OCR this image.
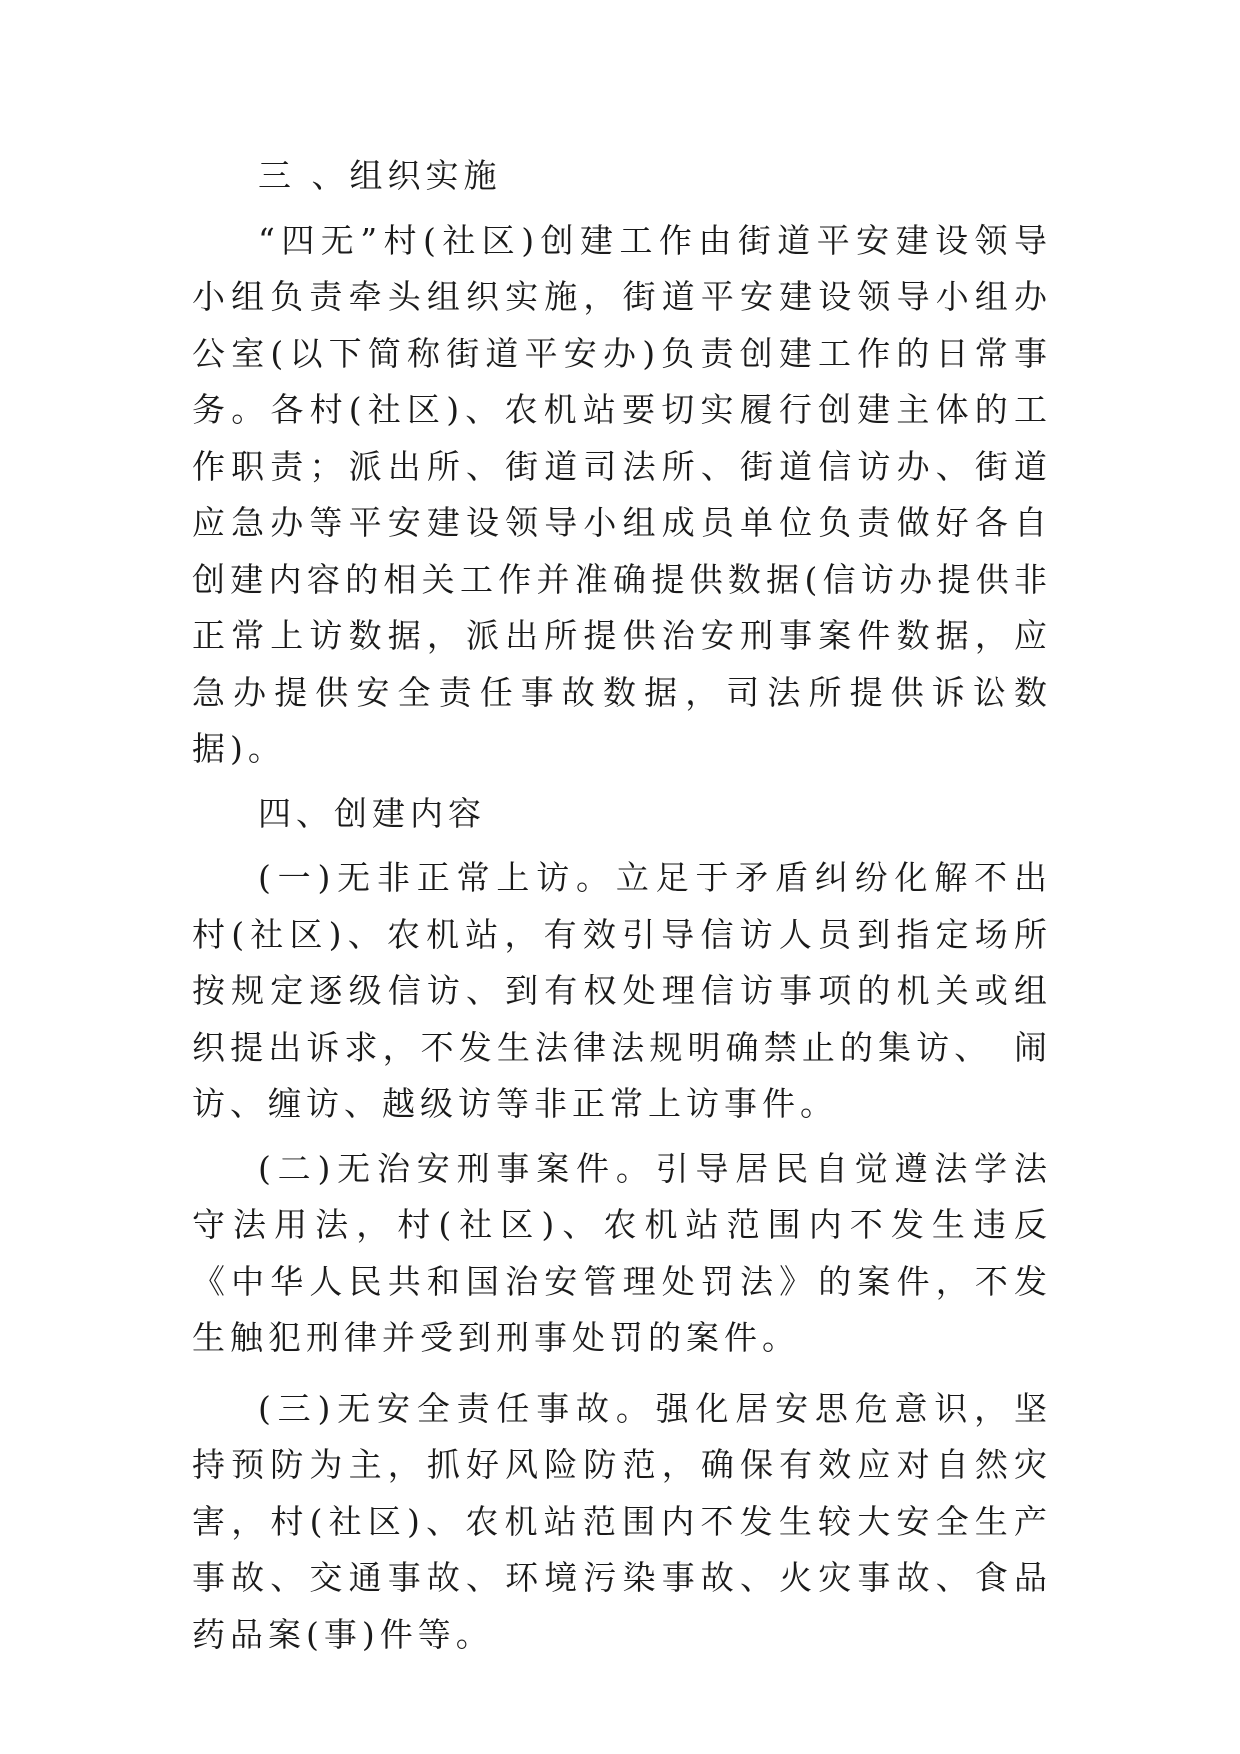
三 、组织实施

“四无”村(社区)创建工作由街道平安建设领导小组负责牵头组织实施，街道平安建设领导小组办公室(以下简称街道平安办)负责创建工作的日常事务。各村(社区)、农机站要切实履行创建主体的工作职责；派出所、街道司法所、街道信访办、街道应急办等平安建设领导小组成员单位负责做好各自创建内容的相关工作并准确提供数据(信访办提供非正常上访数据，派出所提供治安刑事案件数据，应急办提供安全责任事故数据，司法所提供诉讼数据)。

四、创建内容

(一)无非正常上访。立足于矛盾纠纷化解不出村(社区)、农机站，有效引导信访人员到指定场所按规定逐级信访、到有权处理信访事项的机关或组织提出诉求，不发生法律法规明确禁止的集访、　闹访、缠访、越级访等非正常上访事件。

(二)无治安刑事案件。引导居民自觉遵法学法守法用法，村(社区)、农机站范围内不发生违反《中华人民共和国治安管理处罚法》的案件，不发生触犯刑律并受到刑事处罚的案件。

(三)无安全责任事故。强化居安思危意识，坚持预防为主，抓好风险防范，确保有效应对自然灾害，村(社区)、农机站范围内不发生较大安全生产事故、交通事故、环境污染事故、火灾事故、食品药品案(事)件等。
